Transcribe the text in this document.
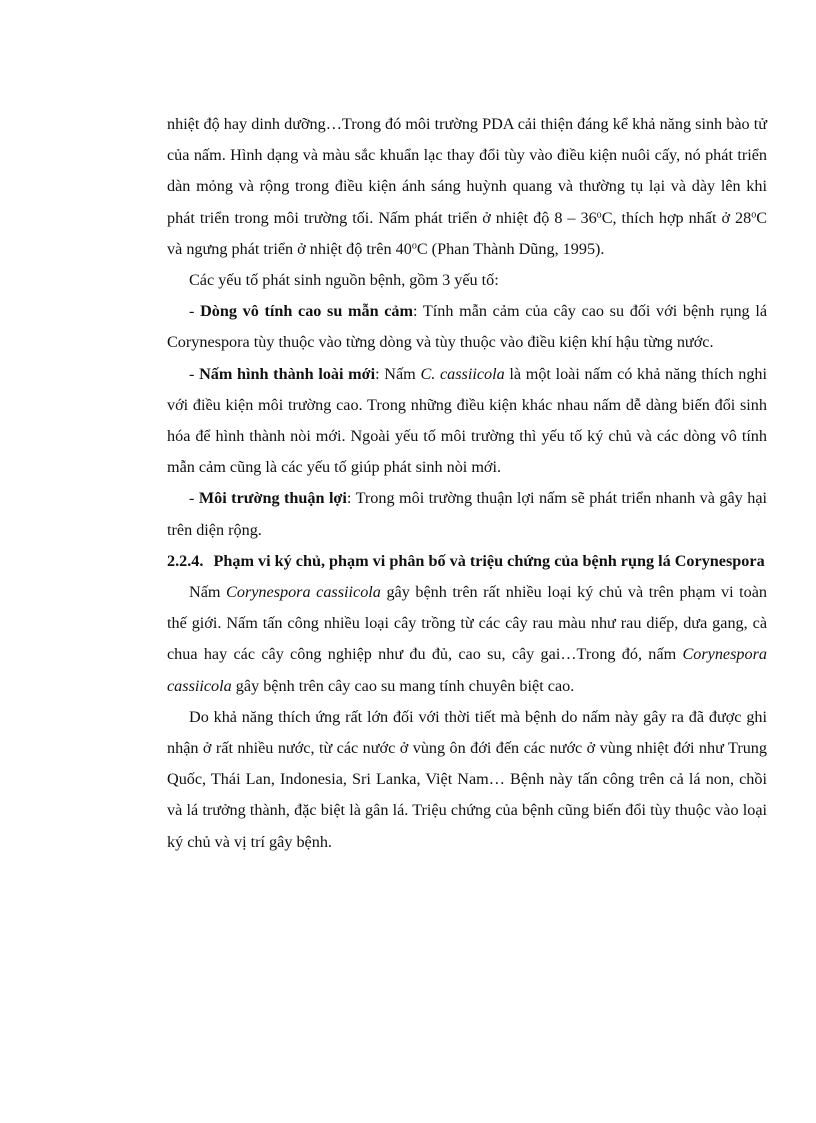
nhiệt độ hay dinh dưỡng…Trong đó môi trường PDA cải thiện đáng kể khả năng sinh bào tử của nấm. Hình dạng và màu sắc khuẩn lạc thay đổi tùy vào điều kiện nuôi cấy, nó phát triển dàn mỏng và rộng trong điều kiện ánh sáng huỳnh quang và thường tụ lại và dày lên khi phát triển trong môi trường tối. Nấm phát triển ở nhiệt độ 8 – 36$^o$C, thích hợp nhất ở 28$^o$C và ngưng phát triển ở nhiệt độ trên 40$^o$C (Phan Thành Dũng, 1995).

Các yếu tố phát sinh nguồn bệnh, gồm 3 yếu tố:

- Dòng vô tính cao su mẫn cảm: Tính mẫn cảm của cây cao su đối với bệnh rụng lá Corynespora tùy thuộc vào từng dòng và tùy thuộc vào điều kiện khí hậu từng nước.

- Nấm hình thành loài mới: Nấm C. cassiicola là một loài nấm có khả năng thích nghi với điều kiện môi trường cao. Trong những điều kiện khác nhau nấm dễ dàng biến đổi sinh hóa để hình thành nòi mới. Ngoài yếu tố môi trường thì yếu tố ký chủ và các dòng vô tính mẫn cảm cũng là các yếu tố giúp phát sinh nòi mới.

- Môi trường thuận lợi: Trong môi trường thuận lợi nấm sẽ phát triển nhanh và gây hại trên diện rộng.

2.2.4. Phạm vi ký chủ, phạm vi phân bố và triệu chứng của bệnh rụng lá Corynespora

Nấm Corynespora cassiicola gây bệnh trên rất nhiều loại ký chủ và trên phạm vi toàn thế giới. Nấm tấn công nhiều loại cây trồng từ các cây rau màu như rau diếp, dưa gang, cà chua hay các cây công nghiệp như đu đủ, cao su, cây gai…Trong đó, nấm Corynespora cassiicola gây bệnh trên cây cao su mang tính chuyên biệt cao.

Do khả năng thích ứng rất lớn đối với thời tiết mà bệnh do nấm này gây ra đã được ghi nhận ở rất nhiều nước, từ các nước ở vùng ôn đới đến các nước ở vùng nhiệt đới như Trung Quốc, Thái Lan, Indonesia, Sri Lanka, Việt Nam… Bệnh này tấn công trên cả lá non, chồi và lá trưởng thành, đặc biệt là gân lá. Triệu chứng của bệnh cũng biến đổi tùy thuộc vào loại ký chủ và vị trí gây bệnh.
